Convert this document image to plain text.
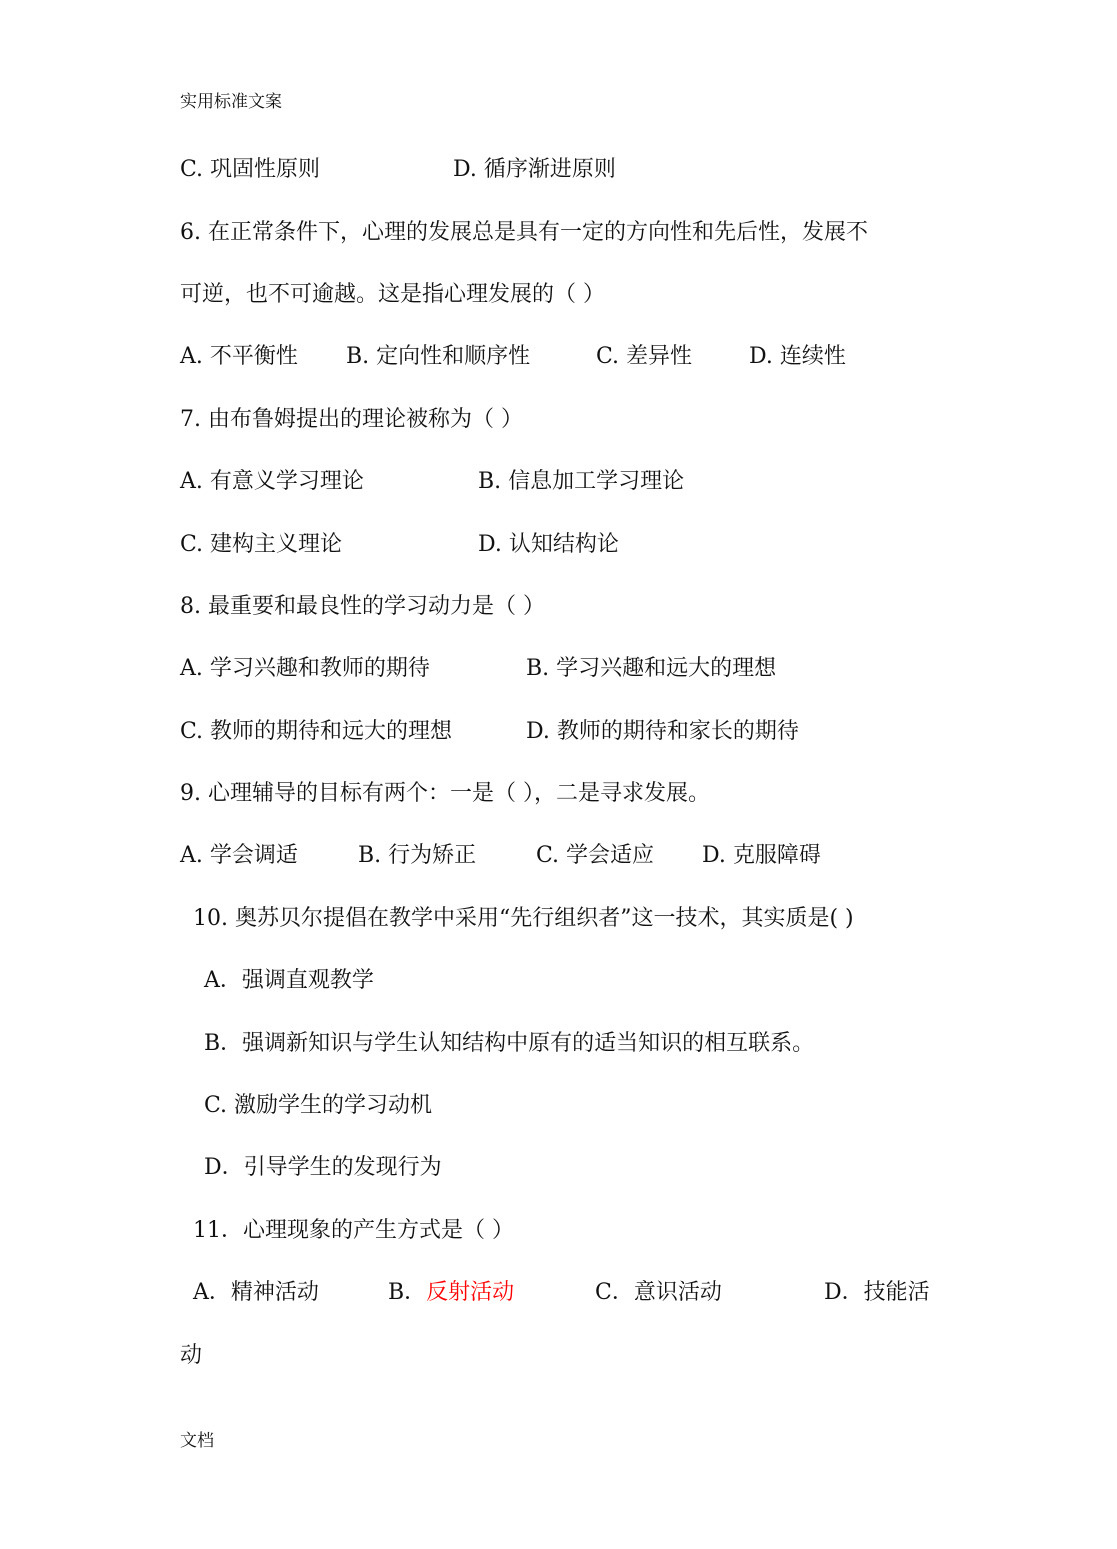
实用标准文案
C. 巩固性原则	D. 循序渐进原则
6. 在正常条件下，心理的发展总是具有一定的方向性和先后性，发展不
可逆，也不可逾越。这是指心理发展的（ ）
A. 不平衡性 B. 定向性和顺序性	C. 差异性	D. 连续性
7. 由布鲁姆提出的理论被称为（ ）
A. 有意义学习理论	B. 信息加工学习理论
C. 建构主义理论	D. 认知结构论
8. 最重要和最良性的学习动力是（ ）
A. 学习兴趣和教师的期待	B. 学习兴趣和远大的理想
C. 教师的期待和远大的理想	D. 教师的期待和家长的期待
9. 心理辅导的目标有两个：一是（ ），二是寻求发展。
A. 学会调适	B. 行为矫正	C. 学会适应 D. 克服障碍
10. 奥苏贝尔提倡在教学中采用“先行组织者”这一技术，其实质是( )
A．强调直观教学
B．强调新知识与学生认知结构中原有的适当知识的相互联系。
C. 激励学生的学习动机
D．引导学生的发现行为
11．心理现象的产生方式是（ ）
A．精神活动	B．反射活动	C．意识活动	D．技能活
动
文档
